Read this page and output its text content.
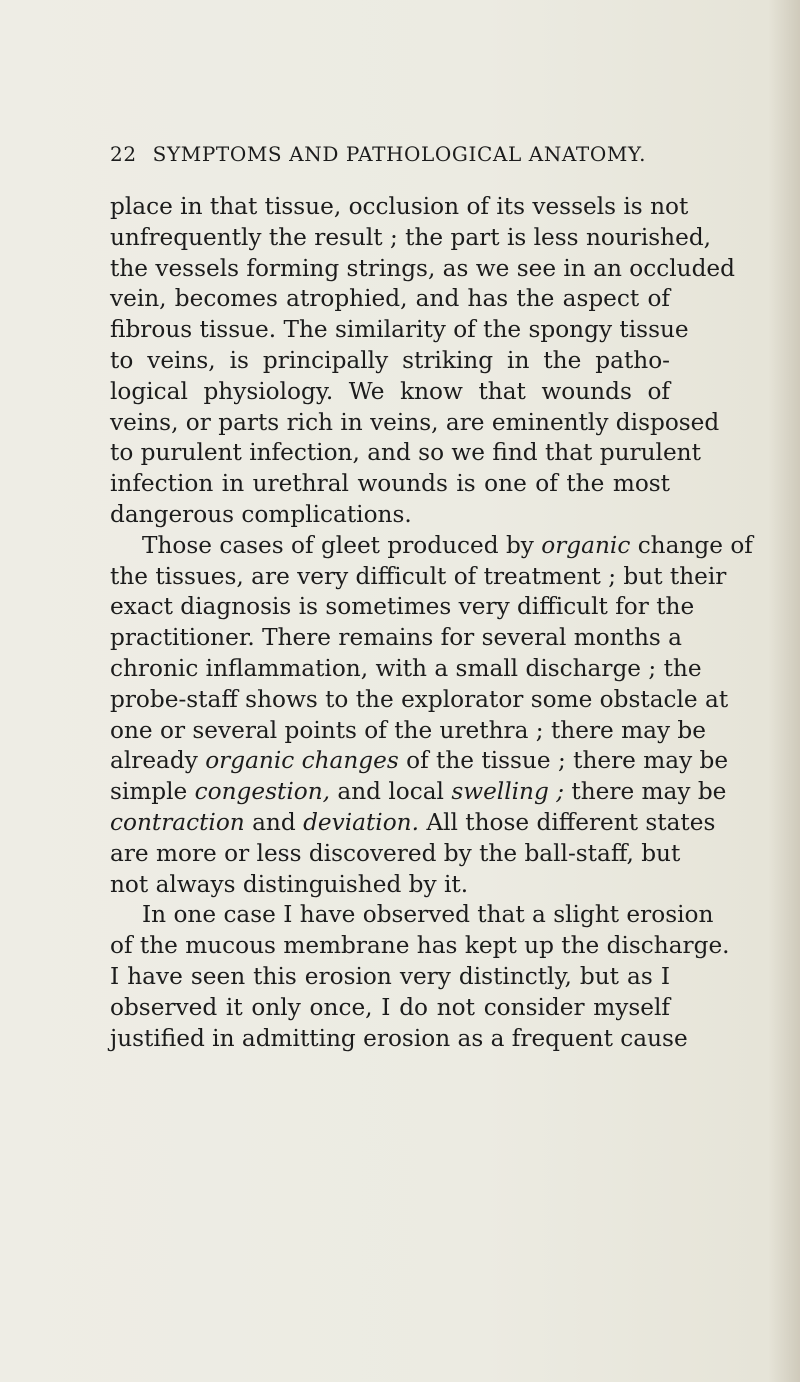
22 SYMPTOMS AND PATHOLOGICAL ANATOMY.
place in that tissue, occlusion of its vessels is not
unfrequently the result ; the part is less nourished,
the vessels forming strings, as we see in an occluded
vein, becomes atrophied, and has the aspect of
fibrous tissue. The similarity of the spongy tissue
to veins, is principally striking in the patho-
logical physiology. We know that wounds of
veins, or parts rich in veins, are eminently disposed
to purulent infection, and so we find that purulent
infection in urethral wounds is one of the most
dangerous complications.
Those cases of gleet produced by organic change of
the tissues, are very difficult of treatment ; but their
exact diagnosis is sometimes very difficult for the
practitioner. There remains for several months a
chronic inflammation, with a small discharge ; the
probe-staff shows to the explorator some obstacle at
one or several points of the urethra ; there may be
already organic changes of the tissue ; there may be
simple congestion, and local swelling ; there may be
contraction and deviation. All those different states
are more or less discovered by the ball-staff, but
not always distinguished by it.
In one case I have observed that a slight erosion
of the mucous membrane has kept up the discharge.
I have seen this erosion very distinctly, but as I
observed it only once, I do not consider myself
justified in admitting erosion as a frequent cause
